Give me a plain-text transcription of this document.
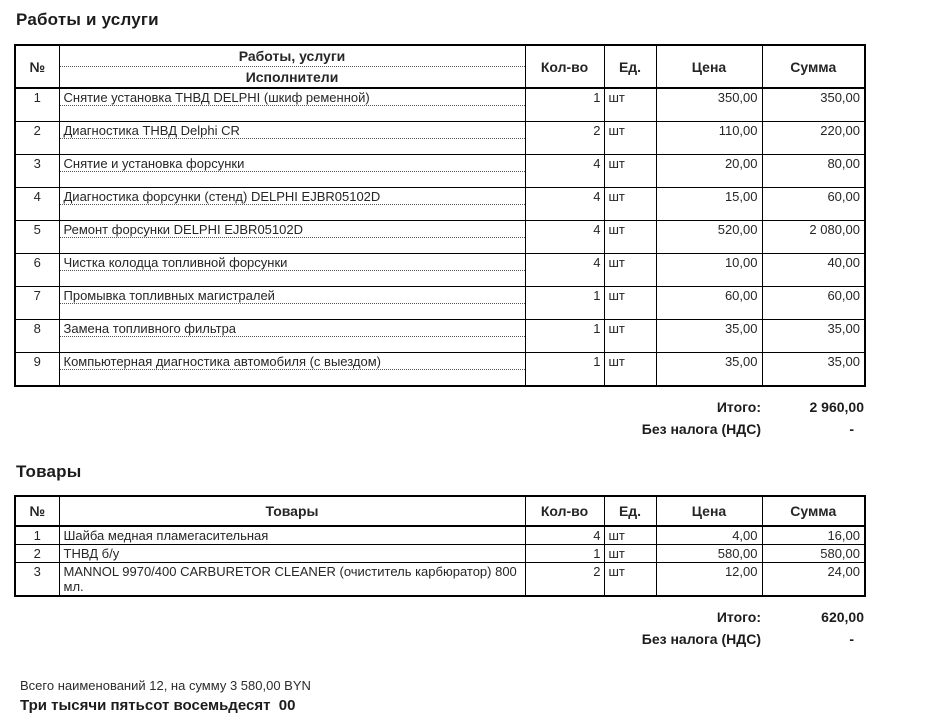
Работы и услуги
№	Работы, услуги	Кол-во	Ед.	Цена	Сумма
	Исполнители				
1	Снятие установка ТНВД DELPHI (шкиф ременной)	1	шт	350,00	350,00
2	Диагностика ТНВД Delphi CR	2	шт	110,00	220,00
3	Снятие и установка форсунки	4	шт	20,00	80,00
4	Диагностика форсунки (стенд) DELPHI EJBR05102D	4	шт	15,00	60,00
5	Ремонт форсунки DELPHI EJBR05102D	4	шт	520,00	2 080,00
6	Чистка колодца топливной форсунки	4	шт	10,00	40,00
7	Промывка топливных магистралей	1	шт	60,00	60,00
8	Замена топливного фильтра	1	шт	35,00	35,00
9	Компьютерная диагностика автомобиля (с выездом)	1	шт	35,00	35,00
Итого:	2 960,00
Без налога (НДС)	-
Товары
№	Товары	Кол-во	Ед.	Цена	Сумма
1	Шайба медная пламегасительная	4	шт	4,00	16,00
2	ТНВД б/у	1	шт	580,00	580,00
3	MANNOL 9970/400 CARBURETOR CLEANER (очиститель карбюратор) 800 мл.	2	шт	12,00	24,00
Итого:	620,00
Без налога (НДС)	-
Всего наименований 12, на сумму 3 580,00 BYN
Три тысячи пятьсот восемьдесят  00
